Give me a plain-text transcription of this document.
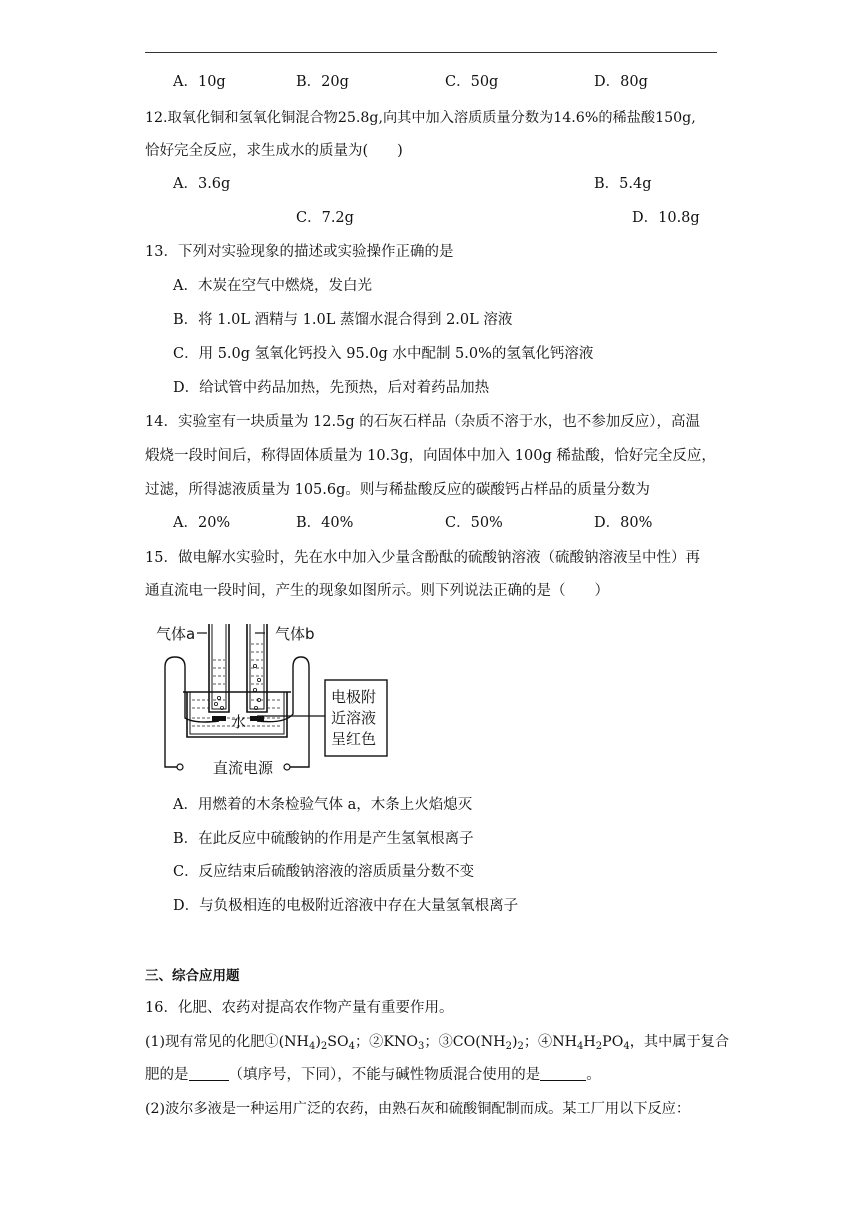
A．10g	B．20g	C．50g	D．80g
12.取氧化铜和氢氧化铜混合物25.8g,向其中加入溶质质量分数为14.6%的稀盐酸150g,
恰好完全反应，求生成水的质量为(　　)
A．3.6g	B．5.4g
C．7.2g	D．10.8g
13．下列对实验现象的描述或实验操作正确的是
A．木炭在空气中燃烧，发白光
B．将 1.0L 酒精与 1.0L 蒸馏水混合得到 2.0L 溶液
C．用 5.0g 氢氧化钙投入 95.0g 水中配制 5.0%的氢氧化钙溶液
D．给试管中药品加热，先预热，后对着药品加热
14．实验室有一块质量为 12.5g 的石灰石样品（杂质不溶于水，也不参加反应），高温
煅烧一段时间后，称得固体质量为 10.3g，向固体中加入 100g 稀盐酸，恰好完全反应，
过滤，所得滤液质量为 105.6g。则与稀盐酸反应的碳酸钙占样品的质量分数为
A．20%	B．40%	C．50%	D．80%
15．做电解水实验时，先在水中加入少量含酚酞的硫酸钠溶液（硫酸钠溶液呈中性）再
通直流电一段时间，产生的现象如图所示。则下列说法正确的是（　　）
气体a	气体b
水
直流电源
电极附
近溶液
呈红色
A．用燃着的木条检验气体 a，木条上火焰熄灭
B．在此反应中硫酸钠的作用是产生氢氧根离子
C．反应结束后硫酸钠溶液的溶质质量分数不变
D．与负极相连的电极附近溶液中存在大量氢氧根离子
三、综合应用题
16．化肥、农药对提高农作物产量有重要作用。
(1)现有常见的化肥$①(NH_4)_2SO_4$；$②KNO_3$；$③CO(NH_2)_2$；$④NH_4H_2PO_4$，其中属于复合
肥的是	（填序号，下同），不能与碱性物质混合使用的是	。
(2)波尔多液是一种运用广泛的农药，由熟石灰和硫酸铜配制而成。某工厂用以下反应：
